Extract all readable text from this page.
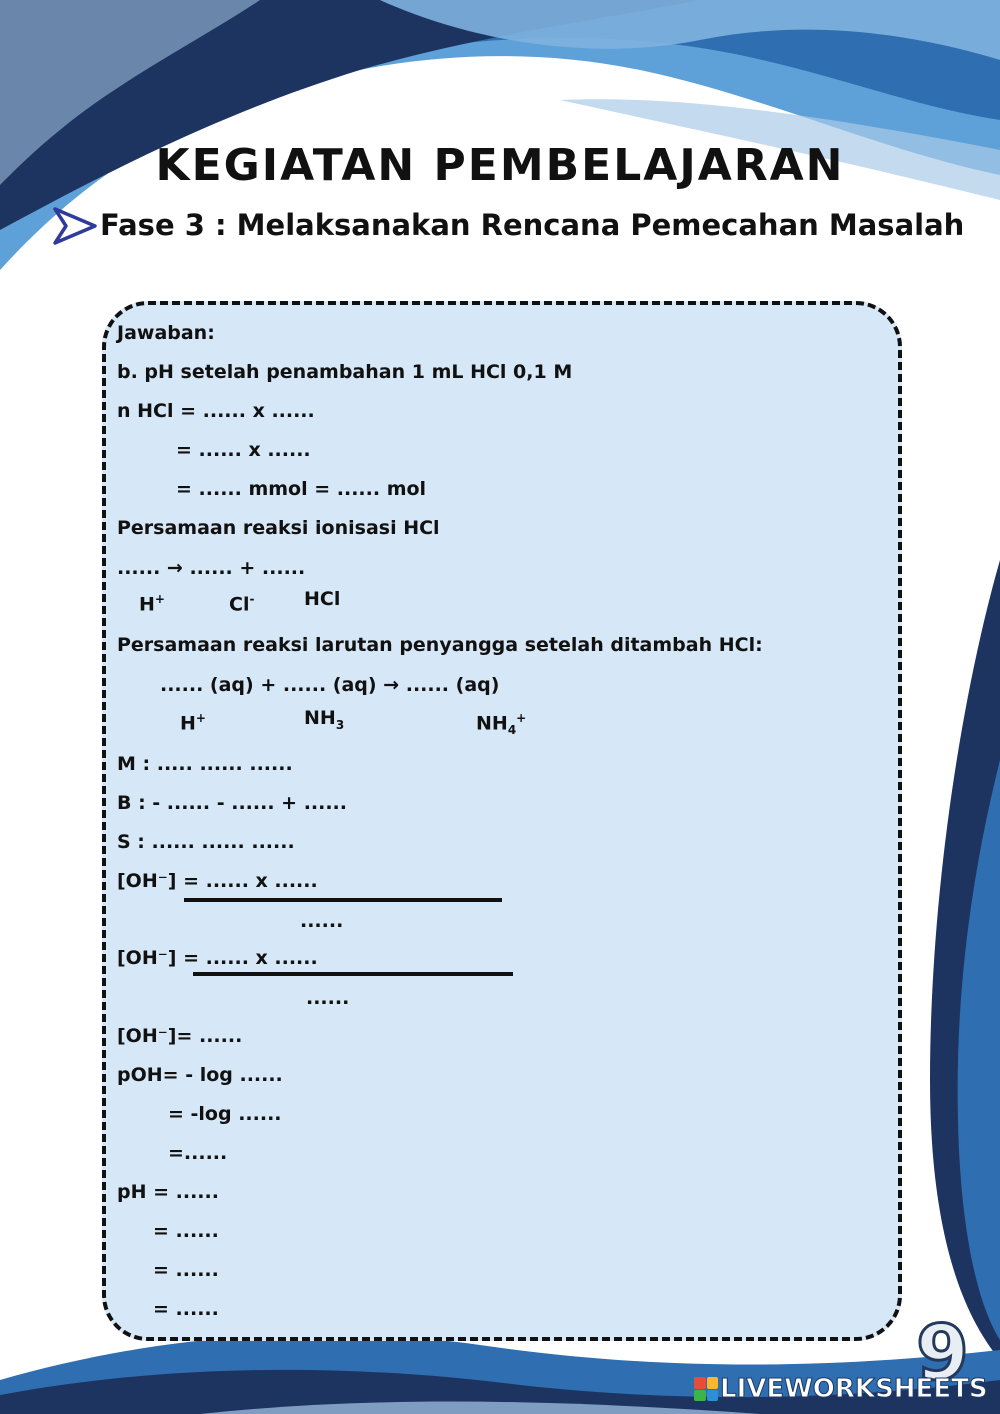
KEGIATAN PEMBELAJARAN
Fase 3 : Melaksanakan Rencana Pemecahan Masalah
Jawaban:
b. pH setelah penambahan 1 mL HCl 0,1 M
n HCl = ...... x ......
= ...... x ......
= ...... mmol = ...... mol
Persamaan reaksi ionisasi HCl
...... → ...... + ......
H+	Cl-	HCl
Persamaan reaksi larutan penyangga setelah ditambah HCl:
...... (aq) + ...... (aq) → ...... (aq)
H+	$NH_3$	$NH_4^+$
M : ..... ...... ......
B : - ...... - ...... + ......
S : ...... ...... ......
[OH⁻] = ...... x ......
......
[OH⁻] = ...... x ......
......
[OH⁻]= ......
pOH= - log ......
= -log ......
=......
pH = ......
= ......
= ......
= ......	9
LIVEWORKSHEETS
